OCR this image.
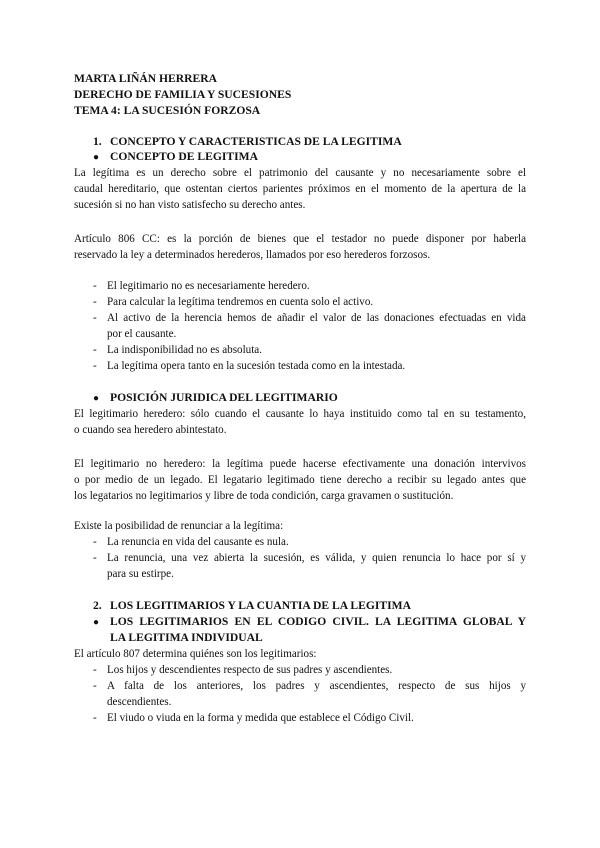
MARTA LIÑÁN HERRERA
DERECHO DE FAMILIA Y SUCESIONES
TEMA 4: LA SUCESIÓN FORZOSA
1. CONCEPTO Y CARACTERISTICAS DE LA LEGITIMA
● CONCEPTO DE LEGITIMA
La legítima es un derecho sobre el patrimonio del causante y no necesariamente sobre el
caudal hereditario, que ostentan ciertos parientes próximos en el momento de la apertura de la
sucesión si no han visto satisfecho su derecho antes.
Artículo 806 CC: es la porción de bienes que el testador no puede disponer por haberla
reservado la ley a determinados herederos, llamados por eso herederos forzosos.
- El legitimario no es necesariamente heredero.
- Para calcular la legítima tendremos en cuenta solo el activo.
- Al activo de la herencia hemos de añadir el valor de las donaciones efectuadas en vida
por el causante.
- La indisponibilidad no es absoluta.
- La legítima opera tanto en la sucesión testada como en la intestada.
● POSICIÓN JURIDICA DEL LEGITIMARIO
El legitimario heredero: sólo cuando el causante lo haya instituido como tal en su testamento,
o cuando sea heredero abintestato.
El legitimario no heredero: la legítima puede hacerse efectivamente una donación intervivos
o por medio de un legado. El legatario legitimado tiene derecho a recibir su legado antes que
los legatarios no legitimarios y libre de toda condición, carga gravamen o sustitución.
Existe la posibilidad de renunciar a la legítima:
- La renuncia en vida del causante es nula.
- La renuncia, una vez abierta la sucesión, es válida, y quien renuncia lo hace por sí y
para su estirpe.
2. LOS LEGITIMARIOS Y LA CUANTIA DE LA LEGITIMA
● LOS LEGITIMARIOS EN EL CODIGO CIVIL. LA LEGITIMA GLOBAL Y
LA LEGITIMA INDIVIDUAL
El artículo 807 determina quiénes son los legitimarios:
- Los hijos y descendientes respecto de sus padres y ascendientes.
- A falta de los anteriores, los padres y ascendientes, respecto de sus hijos y
descendientes.
- El viudo o viuda en la forma y medida que establece el Código Civil.
